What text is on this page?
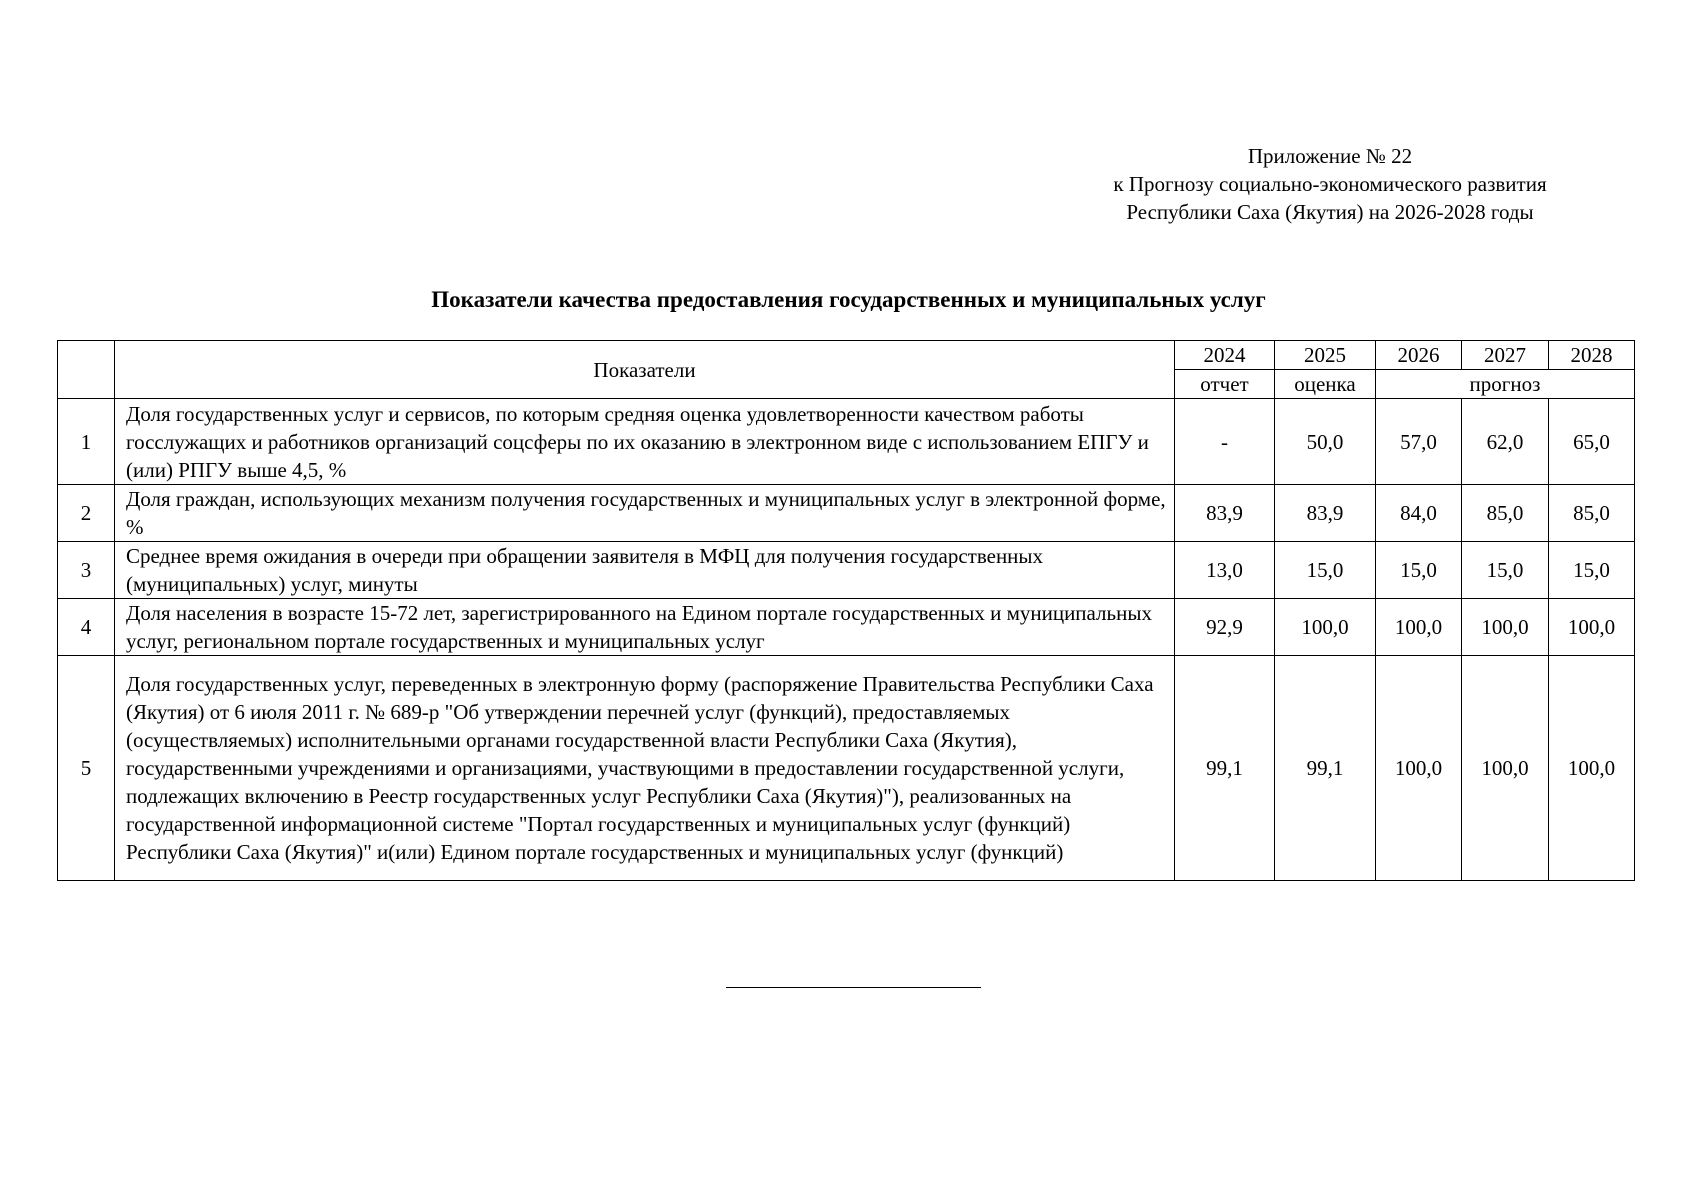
Приложение № 22
к Прогнозу социально-экономического развития
Республики Саха (Якутия) на 2026-2028 годы
Показатели качества предоставления государственных и муниципальных услуг
	Показатели	2024	2025	2026	2027	2028
		отчет	оценка	прогноз		
1	Доля государственных услуг и сервисов, по которым средняя оценка удовлетворенности качеством работы госслужащих и работников организаций соцсферы по их оказанию в электронном виде с использованием ЕПГУ и (или) РПГУ выше 4,5, %	-	50,0	57,0	62,0	65,0
2	Доля граждан, использующих механизм получения государственных и муниципальных услуг в электронной форме, %	83,9	83,9	84,0	85,0	85,0
3	Среднее время ожидания в очереди при обращении заявителя в МФЦ для получения государственных (муниципальных) услуг, минуты	13,0	15,0	15,0	15,0	15,0
4	Доля населения в возрасте 15-72 лет, зарегистрированного на Едином портале государственных и муниципальных услуг, региональном портале государственных и муниципальных услуг	92,9	100,0	100,0	100,0	100,0
5	Доля государственных услуг, переведенных в электронную форму (распоряжение Правительства Республики Саха (Якутия) от 6 июля 2011 г. № 689-р "Об утверждении перечней услуг (функций), предоставляемых (осуществляемых) исполнительными органами государственной власти Республики Саха (Якутия), государственными учреждениями и организациями, участвующими в предоставлении государственной услуги, подлежащих включению в Реестр государственных услуг Республики Саха (Якутия)"), реализованных на государственной информационной системе "Портал государственных и муниципальных услуг (функций) Республики Саха (Якутия)" и(или) Едином портале государственных и муниципальных услуг (функций)	99,1	99,1	100,0	100,0	100,0
